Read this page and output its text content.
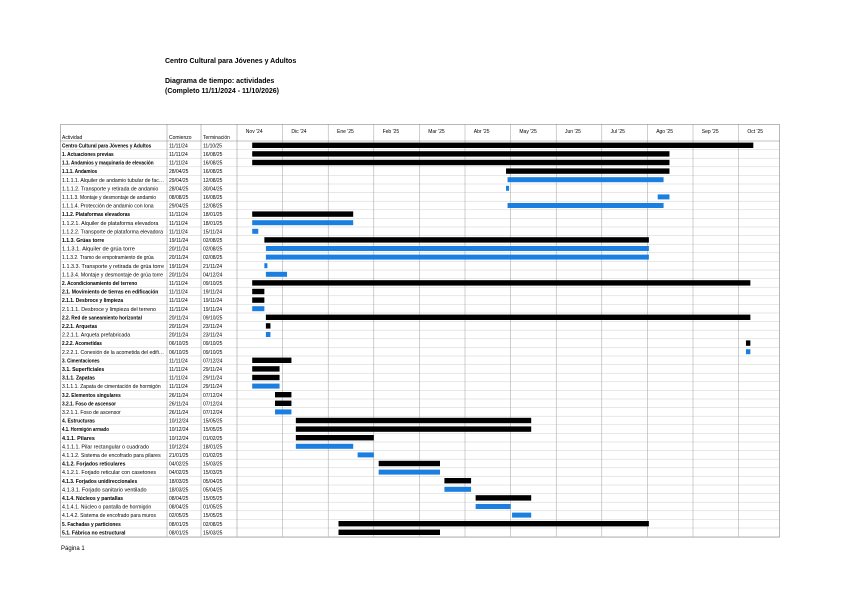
Centro Cultural para Jóvenes y Adultos
Diagrama de tiempo: actividades
(Completo 11/11/2024 - 11/10/2026)
Nov '24	Dic '24	Ene '25	Feb '25	Mar '25	Abr '25	May '25	Jun '25	Jul '25	Ago '25	Sep '25	Oct '25
Actividad	Comienzo Terminación
Centro Cultural para Jóvenes y Adultos	11/11/24	11/10/25
1. Actuaciones previas	11/11/24	16/08/25
1.1. Andamios y maquinaria de elevación	11/11/24	16/08/25
1.1.1. Andamios	28/04/25	16/08/25
1.1.1.1. Alquiler de andamio tubular de fac… 29/04/25	12/08/25
1.1.1.2. Transporte y retirada de andamio 28/04/25	30/04/25
1.1.1.3. Montaje y desmontaje de andamio	08/08/25	16/08/25
1.1.1.4. Protección de andamio con lona	29/04/25	12/08/25
1.1.2. Plataformas elevadoras	11/11/24	18/01/25
1.1.2.1. Alquiler de plataforma elevadora 11/11/24	18/01/25
1.1.2.2. Transporte de plataforma elevadora 11/11/24	15/11/24
1.1.3. Grúas torre	19/11/24	02/08/25
1.1.3.1. Alquiler de grúa torre	20/11/24	02/08/25
1.1.3.2. Tramo de empotramiento de grúa	20/11/24	02/08/25
1.1.3.3. Transporte y retirada de grúa torre 19/11/24	21/11/24
1.1.3.4. Montaje y desmontaje de grúa torre 20/11/24	04/12/24
2. Acondicionamiento del terreno	11/11/24	09/10/25
2.1. Movimiento de tierras en edificación 11/11/24	19/11/24
2.1.1. Desbroce y limpieza	11/11/24	19/11/24
2.1.1.1. Desbroce y limpieza del terreno	11/11/24	19/11/24
2.2. Red de saneamiento horizontal	20/11/24	09/10/25
2.2.1. Arquetas	20/11/24	23/11/24
2.2.1.1. Arqueta prefabricada	20/11/24	23/11/24
2.2.2. Acometidas	06/10/25	09/10/25
2.2.2.1. Conexión de la acometida del edifi… 06/10/25	09/10/25
3. Cimentaciones	11/11/24	07/12/24
3.1. Superficiales	11/11/24	29/11/24
3.1.1. Zapatas	11/11/24	29/11/24
3.1.1.1. Zapata de cimentación de hormigón 11/11/24	29/11/24
3.2. Elementos singulares	26/11/24	07/12/24
3.2.1. Foso de ascensor	26/11/24	07/12/24
3.2.1.1. Foso de ascensor	26/11/24	07/12/24
4. Estructuras	10/12/24	15/05/25
4.1. Hormigón armado	10/12/24	15/05/25
4.1.1. Pilares	10/12/24	01/02/25
4.1.1.1. Pilar rectangular o cuadrado	10/12/24	18/01/25
4.1.1.2. Sistema de encofrado para pilares 21/01/25	01/02/25
4.1.2. Forjados reticulares	04/02/25	15/03/25
4.1.2.1. Forjado reticular con casetones 04/02/25	15/03/25
4.1.3. Forjados unidireccionales	18/03/25	05/04/25
4.1.3.1. Forjado sanitario ventilado	18/03/25	05/04/25
4.1.4. Núcleos y pantallas	08/04/25	15/05/25
4.1.4.1. Núcleo o pantalla de hormigón	08/04/25	01/05/25
4.1.4.2. Sistema de encofrado para muros	02/05/25	15/05/25
5. Fachadas y particiones	08/01/25	02/08/25
5.1. Fábrica no estructural	08/01/25	15/03/25
Página 1
